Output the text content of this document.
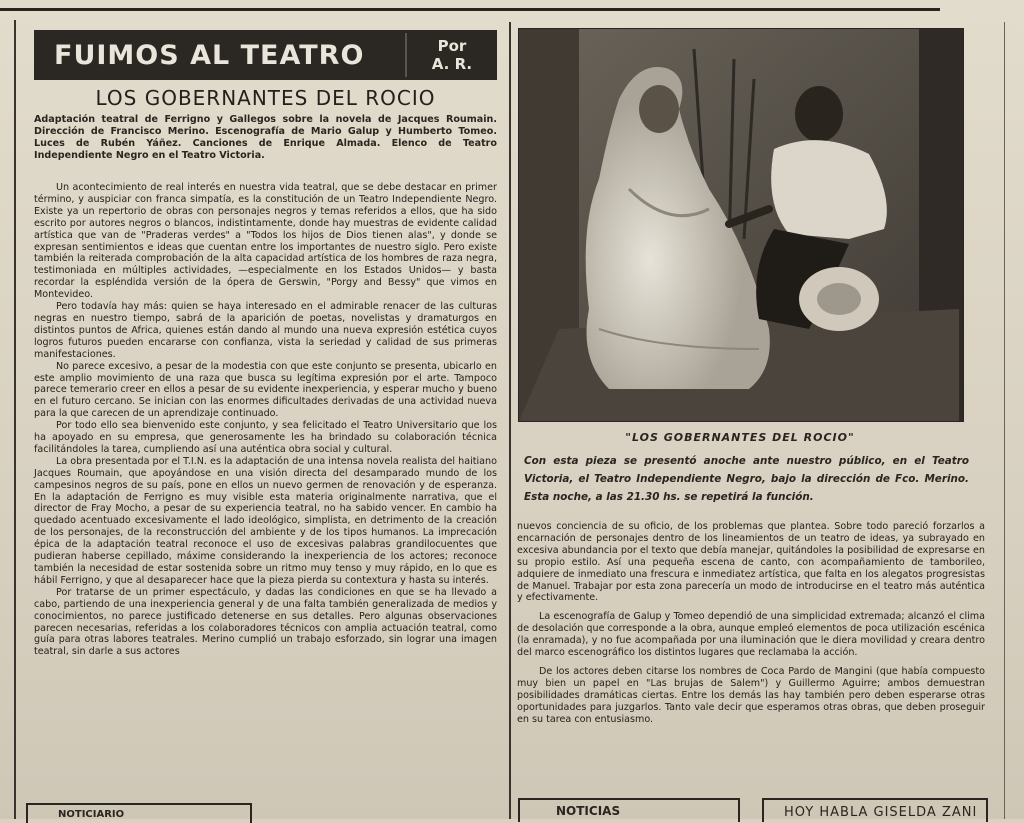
FUIMOS AL TEATRO	Por
A. R.
LOS GOBERNANTES DEL ROCIO
Adaptación teatral de Ferrigno y Gallegos sobre la novela de Jacques Roumain. Dirección de Francisco Merino. Escenografía de Mario Galup y Humberto Tomeo. Luces de Rubén Yáñez. Canciones de Enrique Almada. Elenco de Teatro Independiente Negro en el Teatro Victoria.

Un acontecimiento de real interés en nuestra vida teatral, que se debe destacar en primer término, y auspiciar con franca simpatía, es la constitución de un Teatro Independiente Negro. Existe ya un repertorio de obras con personajes negros y temas referidos a ellos, que ha sido escrito por autores negros o blancos, indistintamente, donde hay muestras de evidente calidad artística que van de "Praderas verdes" a "Todos los hijos de Dios tienen alas", y donde se expresan sentimientos e ideas que cuentan entre los importantes de nuestro siglo. Pero existe también la reiterada comprobación de la alta capacidad artística de los hombres de raza negra, testimoniada en múltiples actividades, —especialmente en los Estados Unidos— y basta recordar la espléndida versión de la ópera de Gerswin, "Porgy and Bessy" que vimos en Montevideo.

Pero todavía hay más: quien se haya interesado en el admirable renacer de las culturas negras en nuestro tiempo, sabrá de la aparición de poetas, novelistas y dramaturgos en distintos puntos de Africa, quienes están dando al mundo una nueva expresión estética cuyos logros futuros pueden encararse con confianza, vista la seriedad y calidad de sus primeras manifestaciones.

No parece excesivo, a pesar de la modestia con que este conjunto se presenta, ubicarlo en este amplio movimiento de una raza que busca su legítima expresión por el arte. Tampoco parece temerario creer en ellos a pesar de su evidente inexperiencia, y esperar mucho y bueno en el futuro cercano. Se inician con las enormes dificultades derivadas de una actividad nueva para la que carecen de un aprendizaje continuado.

Por todo ello sea bienvenido este conjunto, y sea felicitado el Teatro Universitario que los ha apoyado en su empresa, que generosamente les ha brindado su colaboración técnica facilitándoles la tarea, cumpliendo así una auténtica obra social y cultural.

La obra presentada por el T.I.N. es la adaptación de una intensa novela realista del haitiano Jacques Roumain, que apoyándose en una visión directa del desamparado mundo de los campesinos negros de su país, pone en ellos un nuevo germen de renovación y de esperanza. En la adaptación de Ferrigno es muy visible esta materia originalmente narrativa, que el director de Fray Mocho, a pesar de su experiencia teatral, no ha sabido vencer. En cambio ha quedado acentuado excesivamente el lado ideológico, simplista, en detrimento de la creación de los personajes, de la reconstrucción del ambiente y de los tipos humanos. La imprecación épica de la adaptación teatral reconoce el uso de excesivas palabras grandilocuentes que pudieran haberse cepillado, máxime considerando la inexperiencia de los actores; reconoce también la necesidad de estar sostenida sobre un ritmo muy tenso y muy rápido, en lo que es hábil Ferrigno, y que al desaparecer hace que la pieza pierda su contextura y hasta su interés.

Por tratarse de un primer espectáculo, y dadas las condiciones en que se ha llevado a cabo, partiendo de una inexperiencia general y de una falta también generalizada de medios y conocimientos, no parece justificado detenerse en sus detalles. Pero algunas observaciones parecen necesarias, referidas a los colaboradores técnicos con amplia actuación teatral, como guía para otras labores teatrales. Merino cumplió un trabajo esforzado, sin lograr una imagen teatral, sin darle a sus actores

"LOS GOBERNANTES DEL ROCIO"
Con esta pieza se presentó anoche ante nuestro público, en el Teatro Victoria, el Teatro Independiente Negro, bajo la dirección de Fco. Merino. Esta noche, a las 21.30 hs. se repetirá la función.

nuevos conciencia de su oficio, de los problemas que plantea. Sobre todo pareció forzarlos a encarnación de personajes dentro de los lineamientos de un teatro de ideas, ya subrayado en excesiva abundancia por el texto que debía manejar, quitándoles la posibilidad de expresarse en su propio estilo. Así una pequeña escena de canto, con acompañamiento de tamborileo, adquiere de inmediato una frescura e inmediatez artística, que falta en los alegatos progresistas de Manuel. Trabajar por esta zona parecería un modo de introducirse en el teatro más auténtica y efectivamente.

La escenografía de Galup y Tomeo dependió de una simplicidad extremada; alcanzó el clima de desolación que corresponde a la obra, aunque empleó elementos de poca utilización escénica (la enramada), y no fue acompañada por una iluminación que le diera movilidad y creara dentro del marco escenográfico los distintos lugares que reclamaba la acción.

De los actores deben citarse los nombres de Coca Pardo de Mangini (que había compuesto muy bien un papel en "Las brujas de Salem") y Guillermo Aguirre; ambos demuestran posibilidades dramáticas ciertas. Entre los demás las hay también pero deben esperarse otras oportunidades para juzgarlos. Tanto vale decir que esperamos otras obras, que deben proseguir en su tarea con entusiasmo.

NOTICIARIO	NOTICIAS	HOY HABLA GISELDA ZANI
